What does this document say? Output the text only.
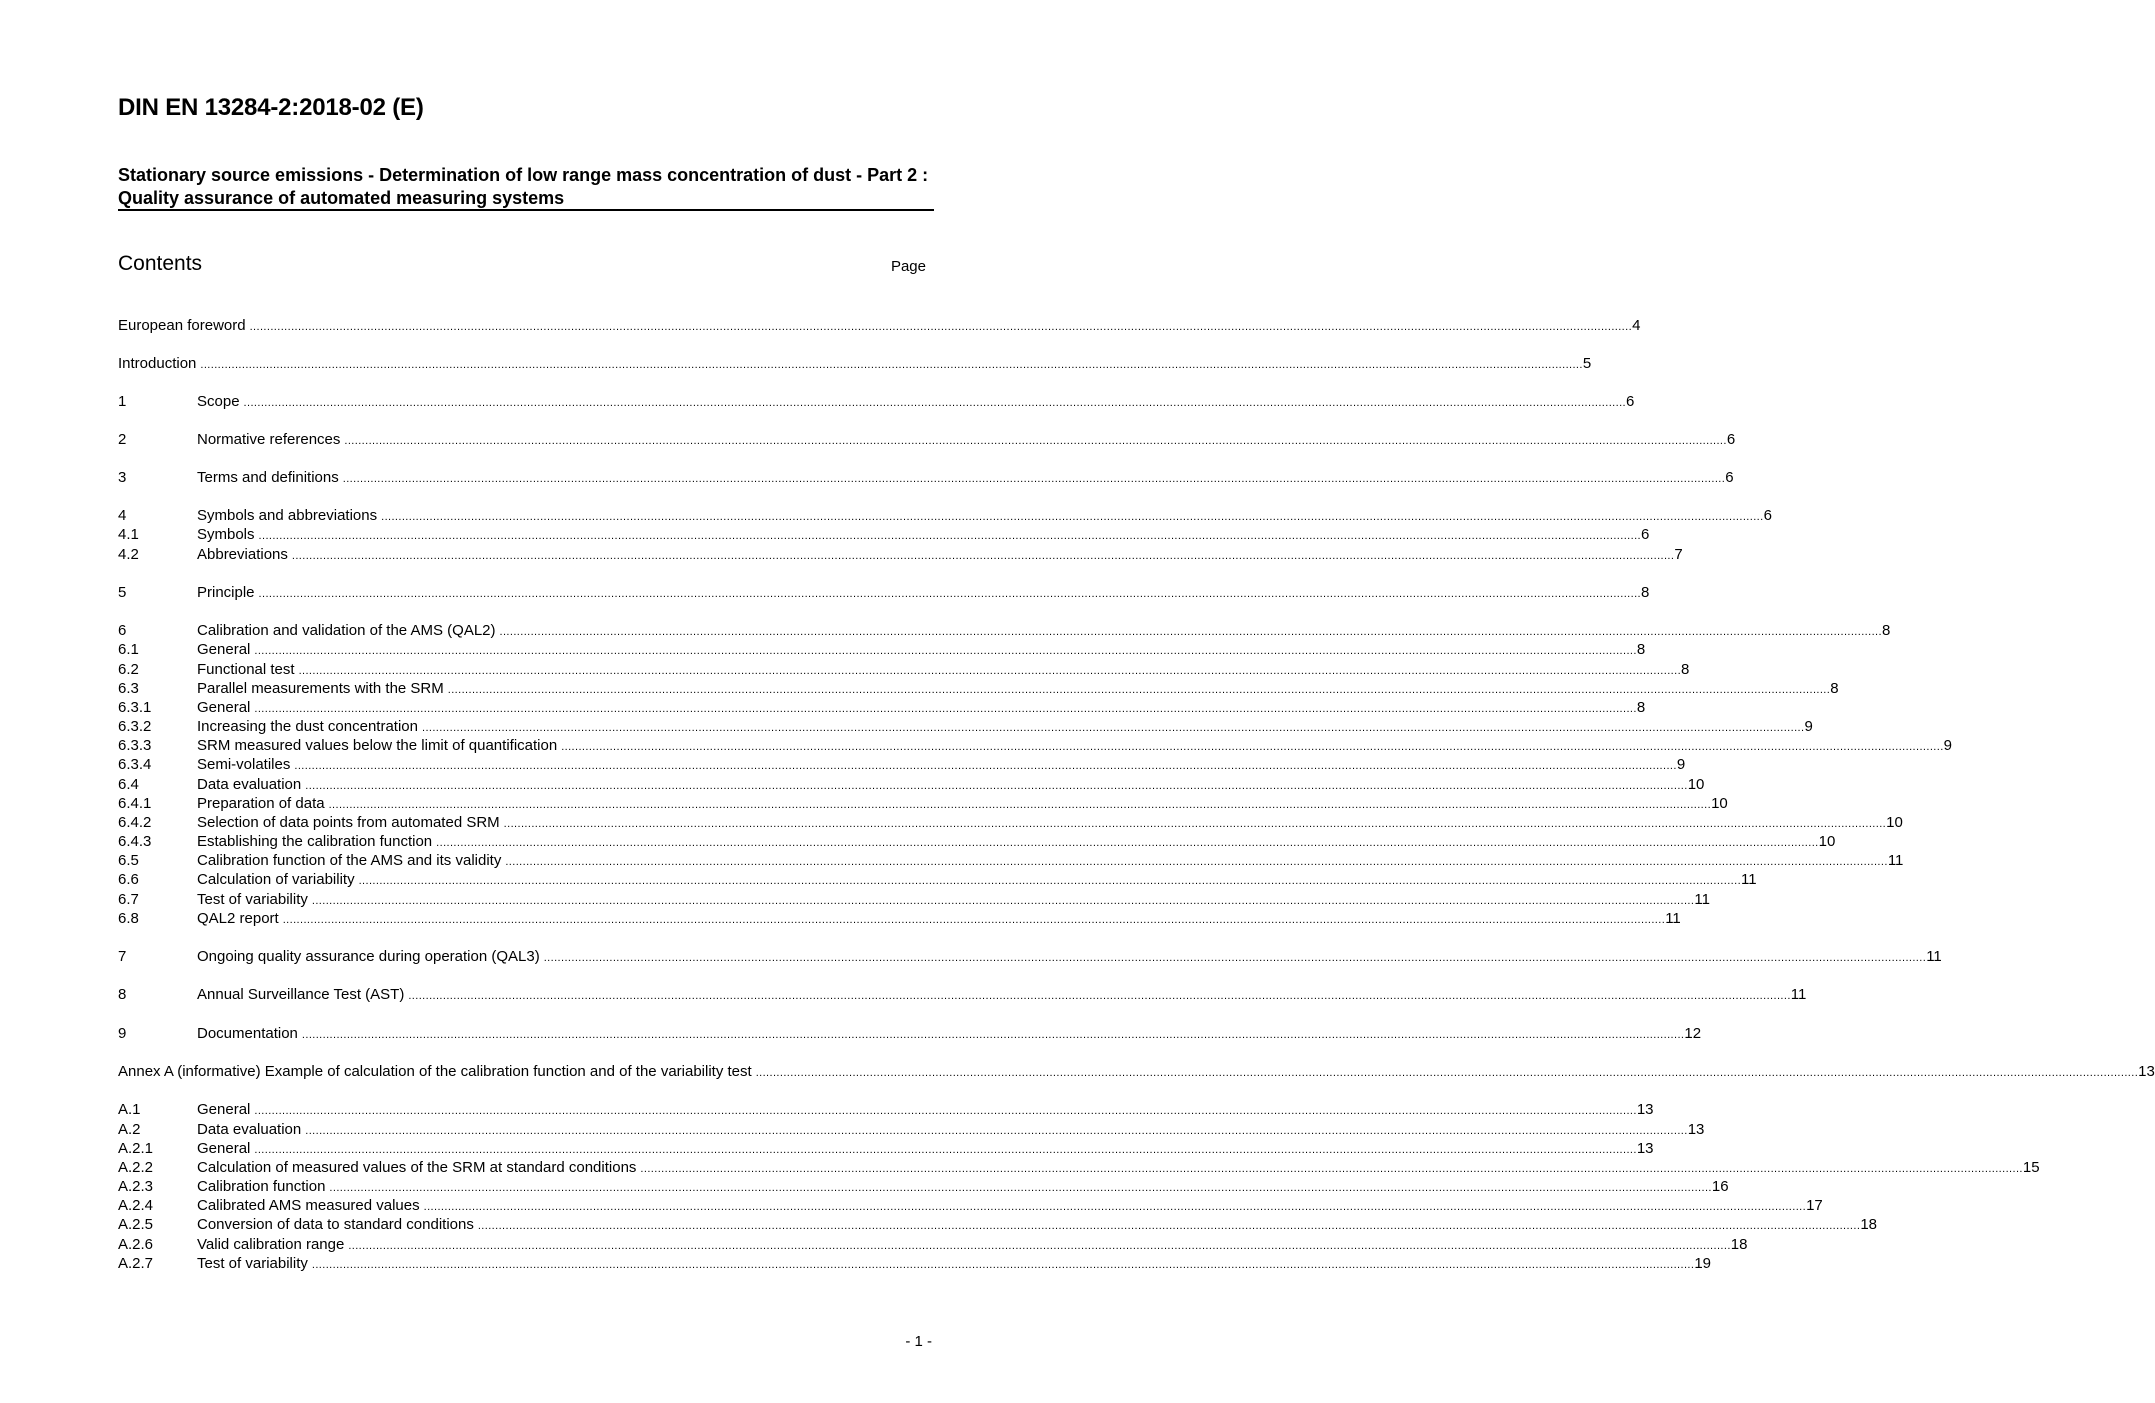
DIN EN 13284-2:2018-02 (E)
Stationary source emissions - Determination of low range mass concentration of dust - Part 2 : Quality assurance of automated measuring systems
Contents	Page
European foreword ................................................................................................................................................................................................................................................................................................................................................................................................................ 4
Introduction ................................................................................................................................................................................................................................................................................................................................................................................................................ 5
1	Scope ................................................................................................................................................................................................................................................................................................................................................................................................................ 6
2	Normative references ................................................................................................................................................................................................................................................................................................................................................................................................................ 6
3	Terms and definitions ................................................................................................................................................................................................................................................................................................................................................................................................................ 6
4	Symbols and abbreviations ................................................................................................................................................................................................................................................................................................................................................................................................................ 6
4.1	Symbols ................................................................................................................................................................................................................................................................................................................................................................................................................ 6
4.2	Abbreviations ................................................................................................................................................................................................................................................................................................................................................................................................................ 7
5	Principle ................................................................................................................................................................................................................................................................................................................................................................................................................ 8
6	Calibration and validation of the AMS (QAL2) ................................................................................................................................................................................................................................................................................................................................................................................................................ 8
6.1	General ................................................................................................................................................................................................................................................................................................................................................................................................................ 8
6.2	Functional test ................................................................................................................................................................................................................................................................................................................................................................................................................ 8
6.3	Parallel measurements with the SRM ................................................................................................................................................................................................................................................................................................................................................................................................................ 8
6.3.1	General ................................................................................................................................................................................................................................................................................................................................................................................................................ 8
6.3.2	Increasing the dust concentration ................................................................................................................................................................................................................................................................................................................................................................................................................ 9
6.3.3	SRM measured values below the limit of quantification ................................................................................................................................................................................................................................................................................................................................................................................................................ 9
6.3.4	Semi-volatiles ................................................................................................................................................................................................................................................................................................................................................................................................................ 9
6.4	Data evaluation ................................................................................................................................................................................................................................................................................................................................................................................................................ 10
6.4.1	Preparation of data ................................................................................................................................................................................................................................................................................................................................................................................................................ 10
6.4.2	Selection of data points from automated SRM ................................................................................................................................................................................................................................................................................................................................................................................................................ 10
6.4.3	Establishing the calibration function ................................................................................................................................................................................................................................................................................................................................................................................................................ 10
6.5	Calibration function of the AMS and its validity ................................................................................................................................................................................................................................................................................................................................................................................................................ 11
6.6	Calculation of variability ................................................................................................................................................................................................................................................................................................................................................................................................................ 11
6.7	Test of variability ................................................................................................................................................................................................................................................................................................................................................................................................................ 11
6.8	QAL2 report ................................................................................................................................................................................................................................................................................................................................................................................................................ 11
7	Ongoing quality assurance during operation (QAL3) ................................................................................................................................................................................................................................................................................................................................................................................................................ 11
8	Annual Surveillance Test (AST) ................................................................................................................................................................................................................................................................................................................................................................................................................ 11
9	Documentation ................................................................................................................................................................................................................................................................................................................................................................................................................ 12
Annex A (informative) Example of calculation of the calibration function and of the variability test ................................................................................................................................................................................................................................................................................................................................................................................................................ 13
A.1	General ................................................................................................................................................................................................................................................................................................................................................................................................................ 13
A.2	Data evaluation ................................................................................................................................................................................................................................................................................................................................................................................................................ 13
A.2.1	General ................................................................................................................................................................................................................................................................................................................................................................................................................ 13
A.2.2	Calculation of measured values of the SRM at standard conditions ................................................................................................................................................................................................................................................................................................................................................................................................................ 15
A.2.3	Calibration function ................................................................................................................................................................................................................................................................................................................................................................................................................ 16
A.2.4	Calibrated AMS measured values ................................................................................................................................................................................................................................................................................................................................................................................................................ 17
A.2.5	Conversion of data to standard conditions ................................................................................................................................................................................................................................................................................................................................................................................................................ 18
A.2.6	Valid calibration range ................................................................................................................................................................................................................................................................................................................................................................................................................ 18
A.2.7	Test of variability ................................................................................................................................................................................................................................................................................................................................................................................................................ 19
- 1 -
